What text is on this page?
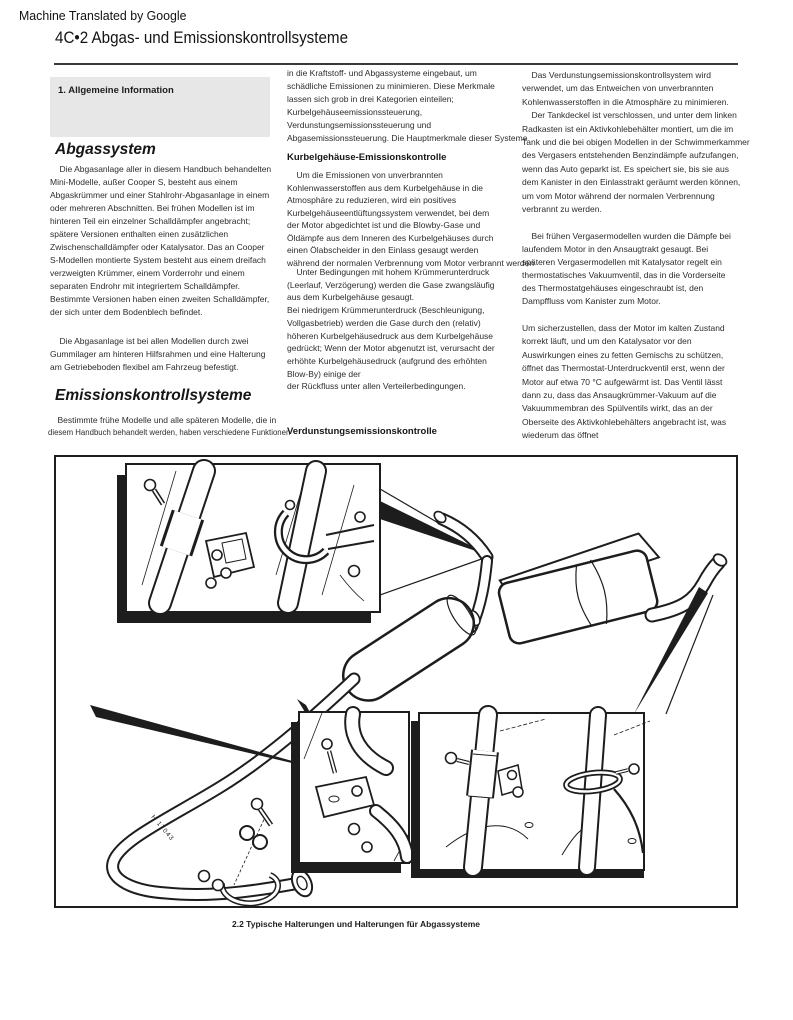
Machine Translated by Google
4C•2 Abgas- und Emissionskontrollsysteme
1. Allgemeine Information
Abgassystem
Die Abgasanlage aller in diesem Handbuch behandelten
Mini-Modelle, außer Cooper S, besteht aus einem
Abgaskrümmer und einer Stahlrohr-Abgasanlage in einem
oder mehreren Abschnitten. Bei frühen Modellen ist im
hinteren Teil ein einzelner Schalldämpfer angebracht;
spätere Versionen enthalten einen zusätzlichen
Zwischenschalldämpfer oder Katalysator. Das an Cooper
S-Modellen montierte System besteht aus einem dreifach
verzweigten Krümmer, einem Vorderrohr und einem
separaten Endrohr mit integriertem Schalldämpfer.
Bestimmte Versionen haben einen zweiten Schalldämpfer,
der sich unter dem Bodenblech befindet.
Die Abgasanlage ist bei allen Modellen durch zwei
Gummilager am hinteren Hilfsrahmen und eine Halterung
am Getriebeboden flexibel am Fahrzeug befestigt.
Emissionskontrollsysteme
Bestimmte frühe Modelle und alle späteren Modelle, die in
diesem Handbuch behandelt werden, haben verschiedene Funktionen
in die Kraftstoff- und Abgassysteme eingebaut, um
schädliche Emissionen zu minimieren. Diese Merkmale
lassen sich grob in drei Kategorien einteilen;
Kurbelgehäuseemissionssteuerung,
Verdunstungsemissionssteuerung und
Abgasemissionssteuerung. Die Hauptmerkmale dieser Systeme
Kurbelgehäuse-Emissionskontrolle
Um die Emissionen von unverbrannten
Kohlenwasserstoffen aus dem Kurbelgehäuse in die
Atmosphäre zu reduzieren, wird ein positives
Kurbelgehäuseentlüftungssystem verwendet, bei dem
der Motor abgedichtet ist und die Blowby-Gase und
Öldämpfe aus dem Inneren des Kurbelgehäuses durch
einen Ölabscheider in den Einlass gesaugt werden
während der normalen Verbrennung vom Motor verbrannt werden
Unter Bedingungen mit hohem Krümmerunterdruck
(Leerlauf, Verzögerung) werden die Gase zwangsläufig
aus dem Kurbelgehäuse gesaugt.
Bei niedrigem Krümmerunterdruck (Beschleunigung,
Vollgasbetrieb) werden die Gase durch den (relativ)
höheren Kurbelgehäusedruck aus dem Kurbelgehäuse
gedrückt; Wenn der Motor abgenutzt ist, verursacht der
erhöhte Kurbelgehäusedruck (aufgrund des erhöhten
Blow-By) einige der
der Rückfluss unter allen Verteilerbedingungen.
Verdunstungsemissionskontrolle
Das Verdunstungsemissionskontrollsystem wird
verwendet, um das Entweichen von unverbrannten
Kohlenwasserstoffen in die Atmosphäre zu minimieren.
Der Tankdeckel ist verschlossen, und unter dem linken
Radkasten ist ein Aktivkohlebehälter montiert, um die im
Tank und die bei obigen Modellen in der Schwimmerkammer
des Vergasers entstehenden Benzindämpfe aufzufangen,
wenn das Auto geparkt ist. Es speichert sie, bis sie aus
dem Kanister in den Einlasstrakt geräumt werden können,
um vom Motor während der normalen Verbrennung
verbrannt zu werden.
Bei frühen Vergasermodellen wurden die Dämpfe bei
laufendem Motor in den Ansaugtrakt gesaugt. Bei
späteren Vergasermodellen mit Katalysator regelt ein
thermostatisches Vakuumventil, das in die Vorderseite
des Thermostatgehäuses eingeschraubt ist, den
Dampffluss vom Kanister zum Motor.
Um sicherzustellen, dass der Motor im kalten Zustand
korrekt läuft, und um den Katalysator vor den
Auswirkungen eines zu fetten Gemischs zu schützen,
öffnet das Thermostat-Unterdruckventil erst, wenn der
Motor auf etwa 70 °C aufgewärmt ist. Das Ventil lässt
dann zu, dass das Ansaugkrümmer-Vakuum auf die
Vakuummembran des Spülventils wirkt, das an der
Oberseite des Aktivkohlebehälters angebracht ist, was
wiederum das öffnet
H 17043
2.2 Typische Halterungen und Halterungen für Abgassysteme
